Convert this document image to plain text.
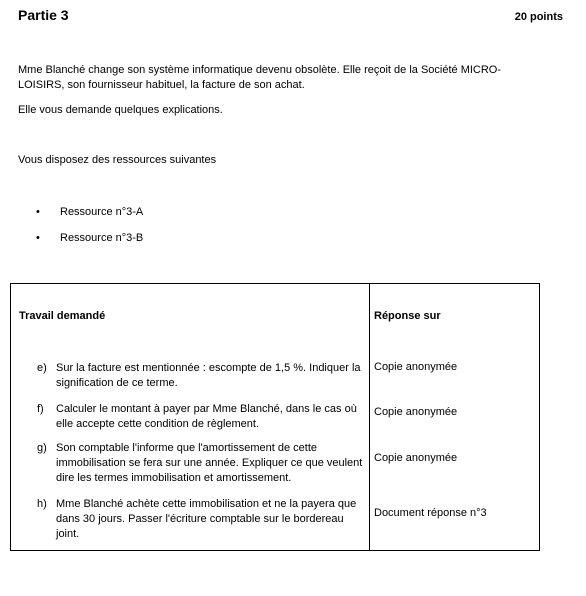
Partie 3	20 points
Mme Blanché change son système informatique devenu obsolète. Elle reçoit de la Société MICRO-LOISIRS, son fournisseur habituel, la facture de son achat.
Elle vous demande quelques explications.
Vous disposez des ressources suivantes
• Ressource n°3-A
• Ressource n°3-B
Travail demandé	Réponse sur
e) Sur la facture est mentionnée : escompte de 1,5 %. Indiquer la signification de ce terme.
Copie anonymée
f) Calculer le montant à payer par Mme Blanché, dans le cas où elle accepte cette condition de règlement.
Copie anonymée
g) Son comptable l'informe que l'amortissement de cette immobilisation se fera sur une année. Expliquer ce que veulent dire les termes immobilisation et amortissement.
Copie anonymée
h) Mme Blanché achète cette immobilisation et ne la payera que dans 30 jours. Passer l'écriture comptable sur le bordereau joint.
Document réponse n°3
